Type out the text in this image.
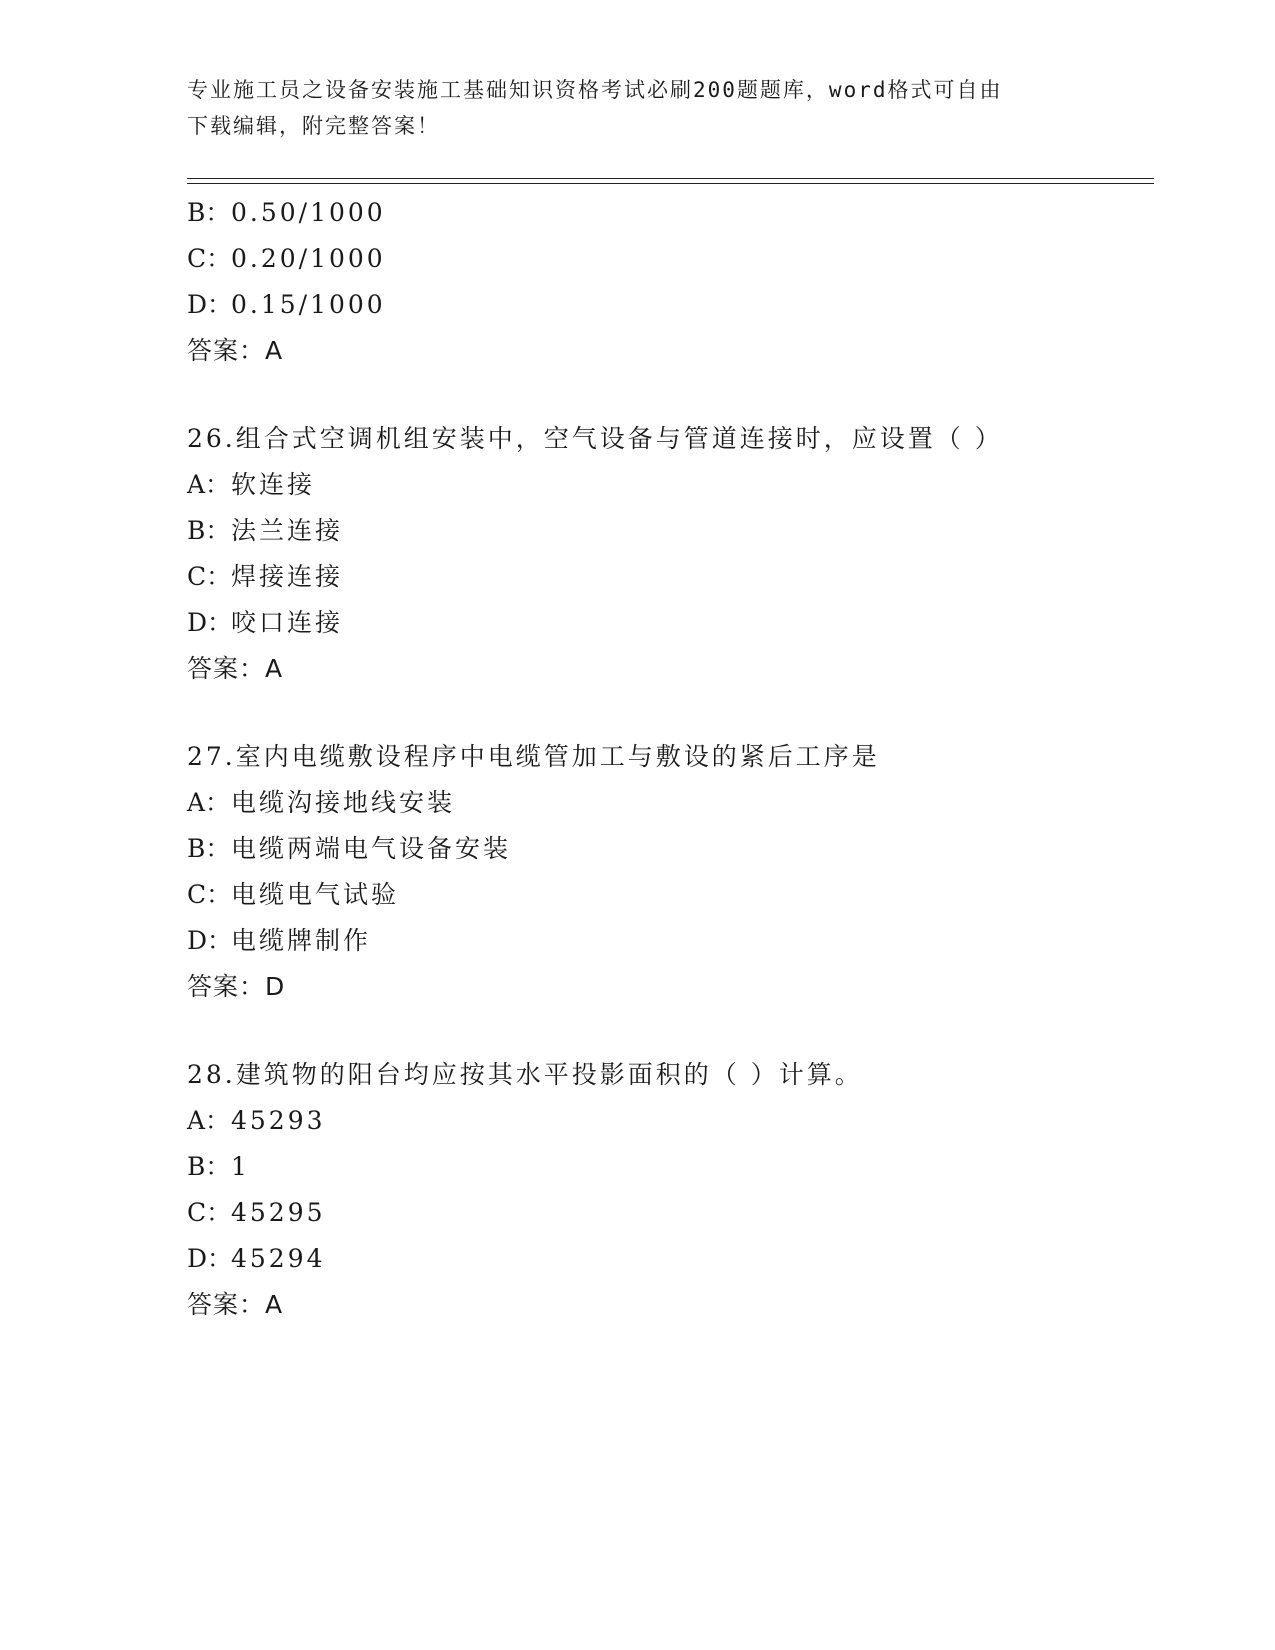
专业施工员之设备安装施工基础知识资格考试必刷200题题库，word格式可自由
下载编辑，附完整答案！
B：0.50/1000
C：0.20/1000
D：0.15/1000
答案：A
26.组合式空调机组安装中，空气设备与管道连接时，应设置（ ）
A：软连接
B：法兰连接
C：焊接连接
D：咬口连接
答案：A
27.室内电缆敷设程序中电缆管加工与敷设的紧后工序是
A：电缆沟接地线安装
B：电缆两端电气设备安装
C：电缆电气试验
D：电缆牌制作
答案：D
28.建筑物的阳台均应按其水平投影面积的（ ）计算。
A：45293
B：1
C：45295
D：45294
答案：A
